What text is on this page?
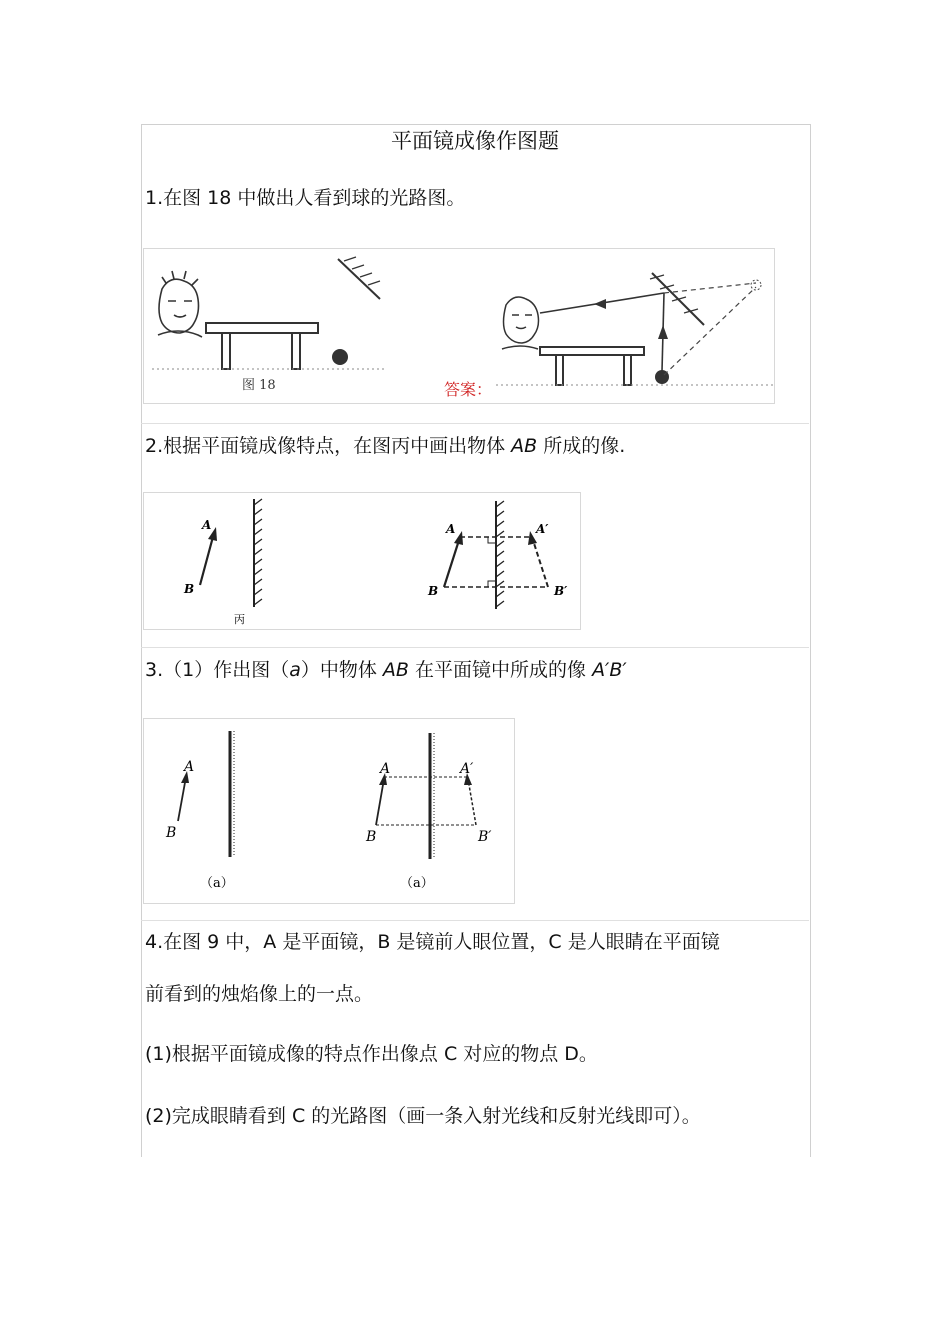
平面镜成像作图题
1.在图 18 中做出人看到球的光路图。
图 18	答案：
2.根据平面镜成像特点，在图丙中画出物体 AB 所成的像.
A
B
丙
A
B
A′
B′
3.（1）作出图（a）中物体 AB 在平面镜中所成的像 A′B′
A
B
（a）
A
B
A′
B′
（a）
4.在图 9 中，A 是平面镜，B 是镜前人眼位置，C 是人眼睛在平面镜
前看到的烛焰像上的一点。
(1)根据平面镜成像的特点作出像点 C 对应的物点 D。
(2)完成眼睛看到 C 的光路图（画一条入射光线和反射光线即可）。
